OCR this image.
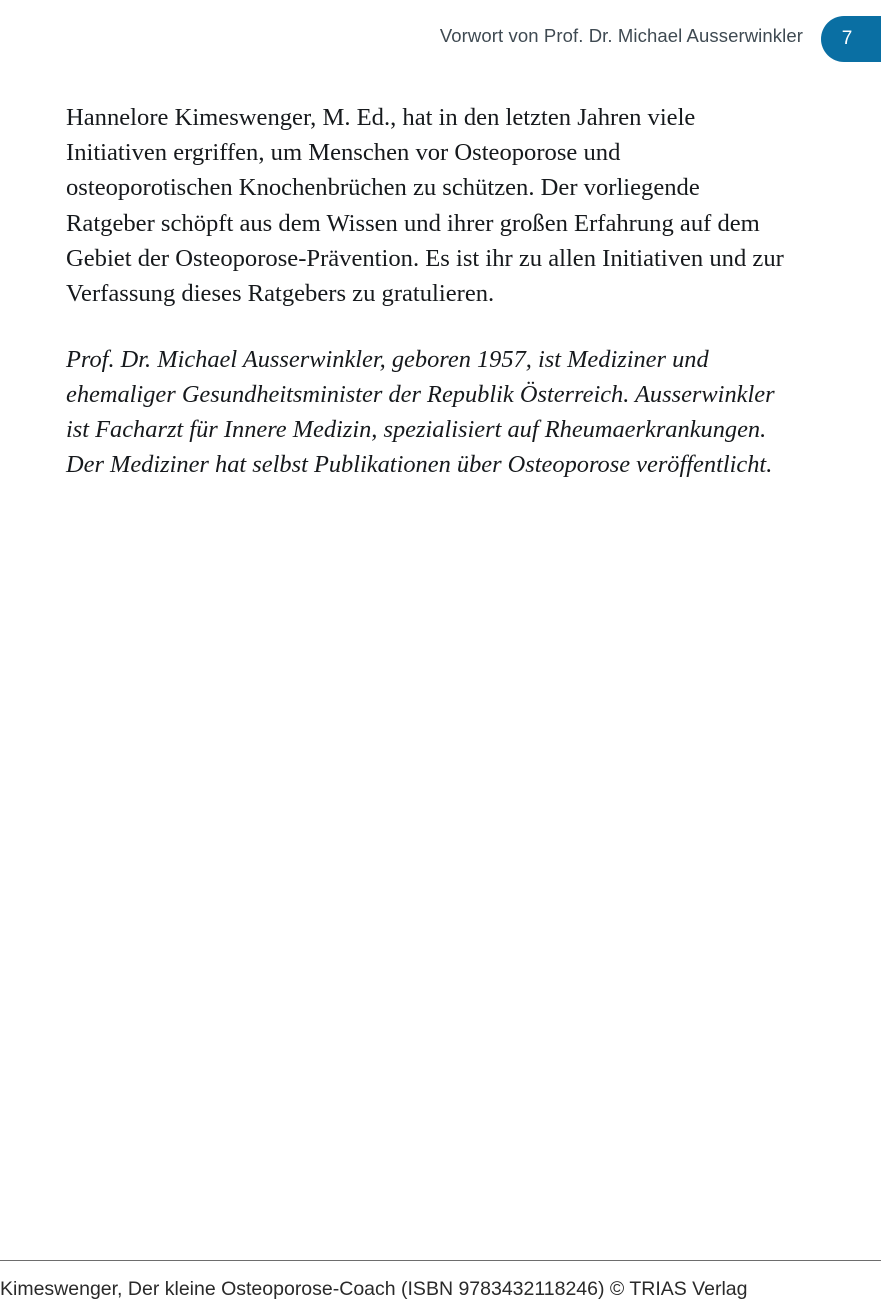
Vorwort von Prof. Dr. Michael Ausserwinkler 7

Hannelore Kimeswenger, M. Ed., hat in den letzten Jahren viele Initiativen ergriffen, um Menschen vor Osteoporose und osteoporotischen Knochenbrüchen zu schützen. Der vorliegende Ratgeber schöpft aus dem Wissen und ihrer großen Erfahrung auf dem Gebiet der Osteoporose-Prävention. Es ist ihr zu allen Initiativen und zur Verfassung dieses Ratgebers zu gratulieren.

Prof. Dr. Michael Ausserwinkler, geboren 1957, ist Mediziner und ehemaliger Gesundheitsminister der Republik Österreich. Ausserwinkler ist Facharzt für Innere Medizin, spezialisiert auf Rheumaerkrankungen. Der Mediziner hat selbst Publikationen über Osteoporose veröffentlicht.

Kimeswenger, Der kleine Osteoporose-Coach (ISBN 9783432118246) © TRIAS Verlag
